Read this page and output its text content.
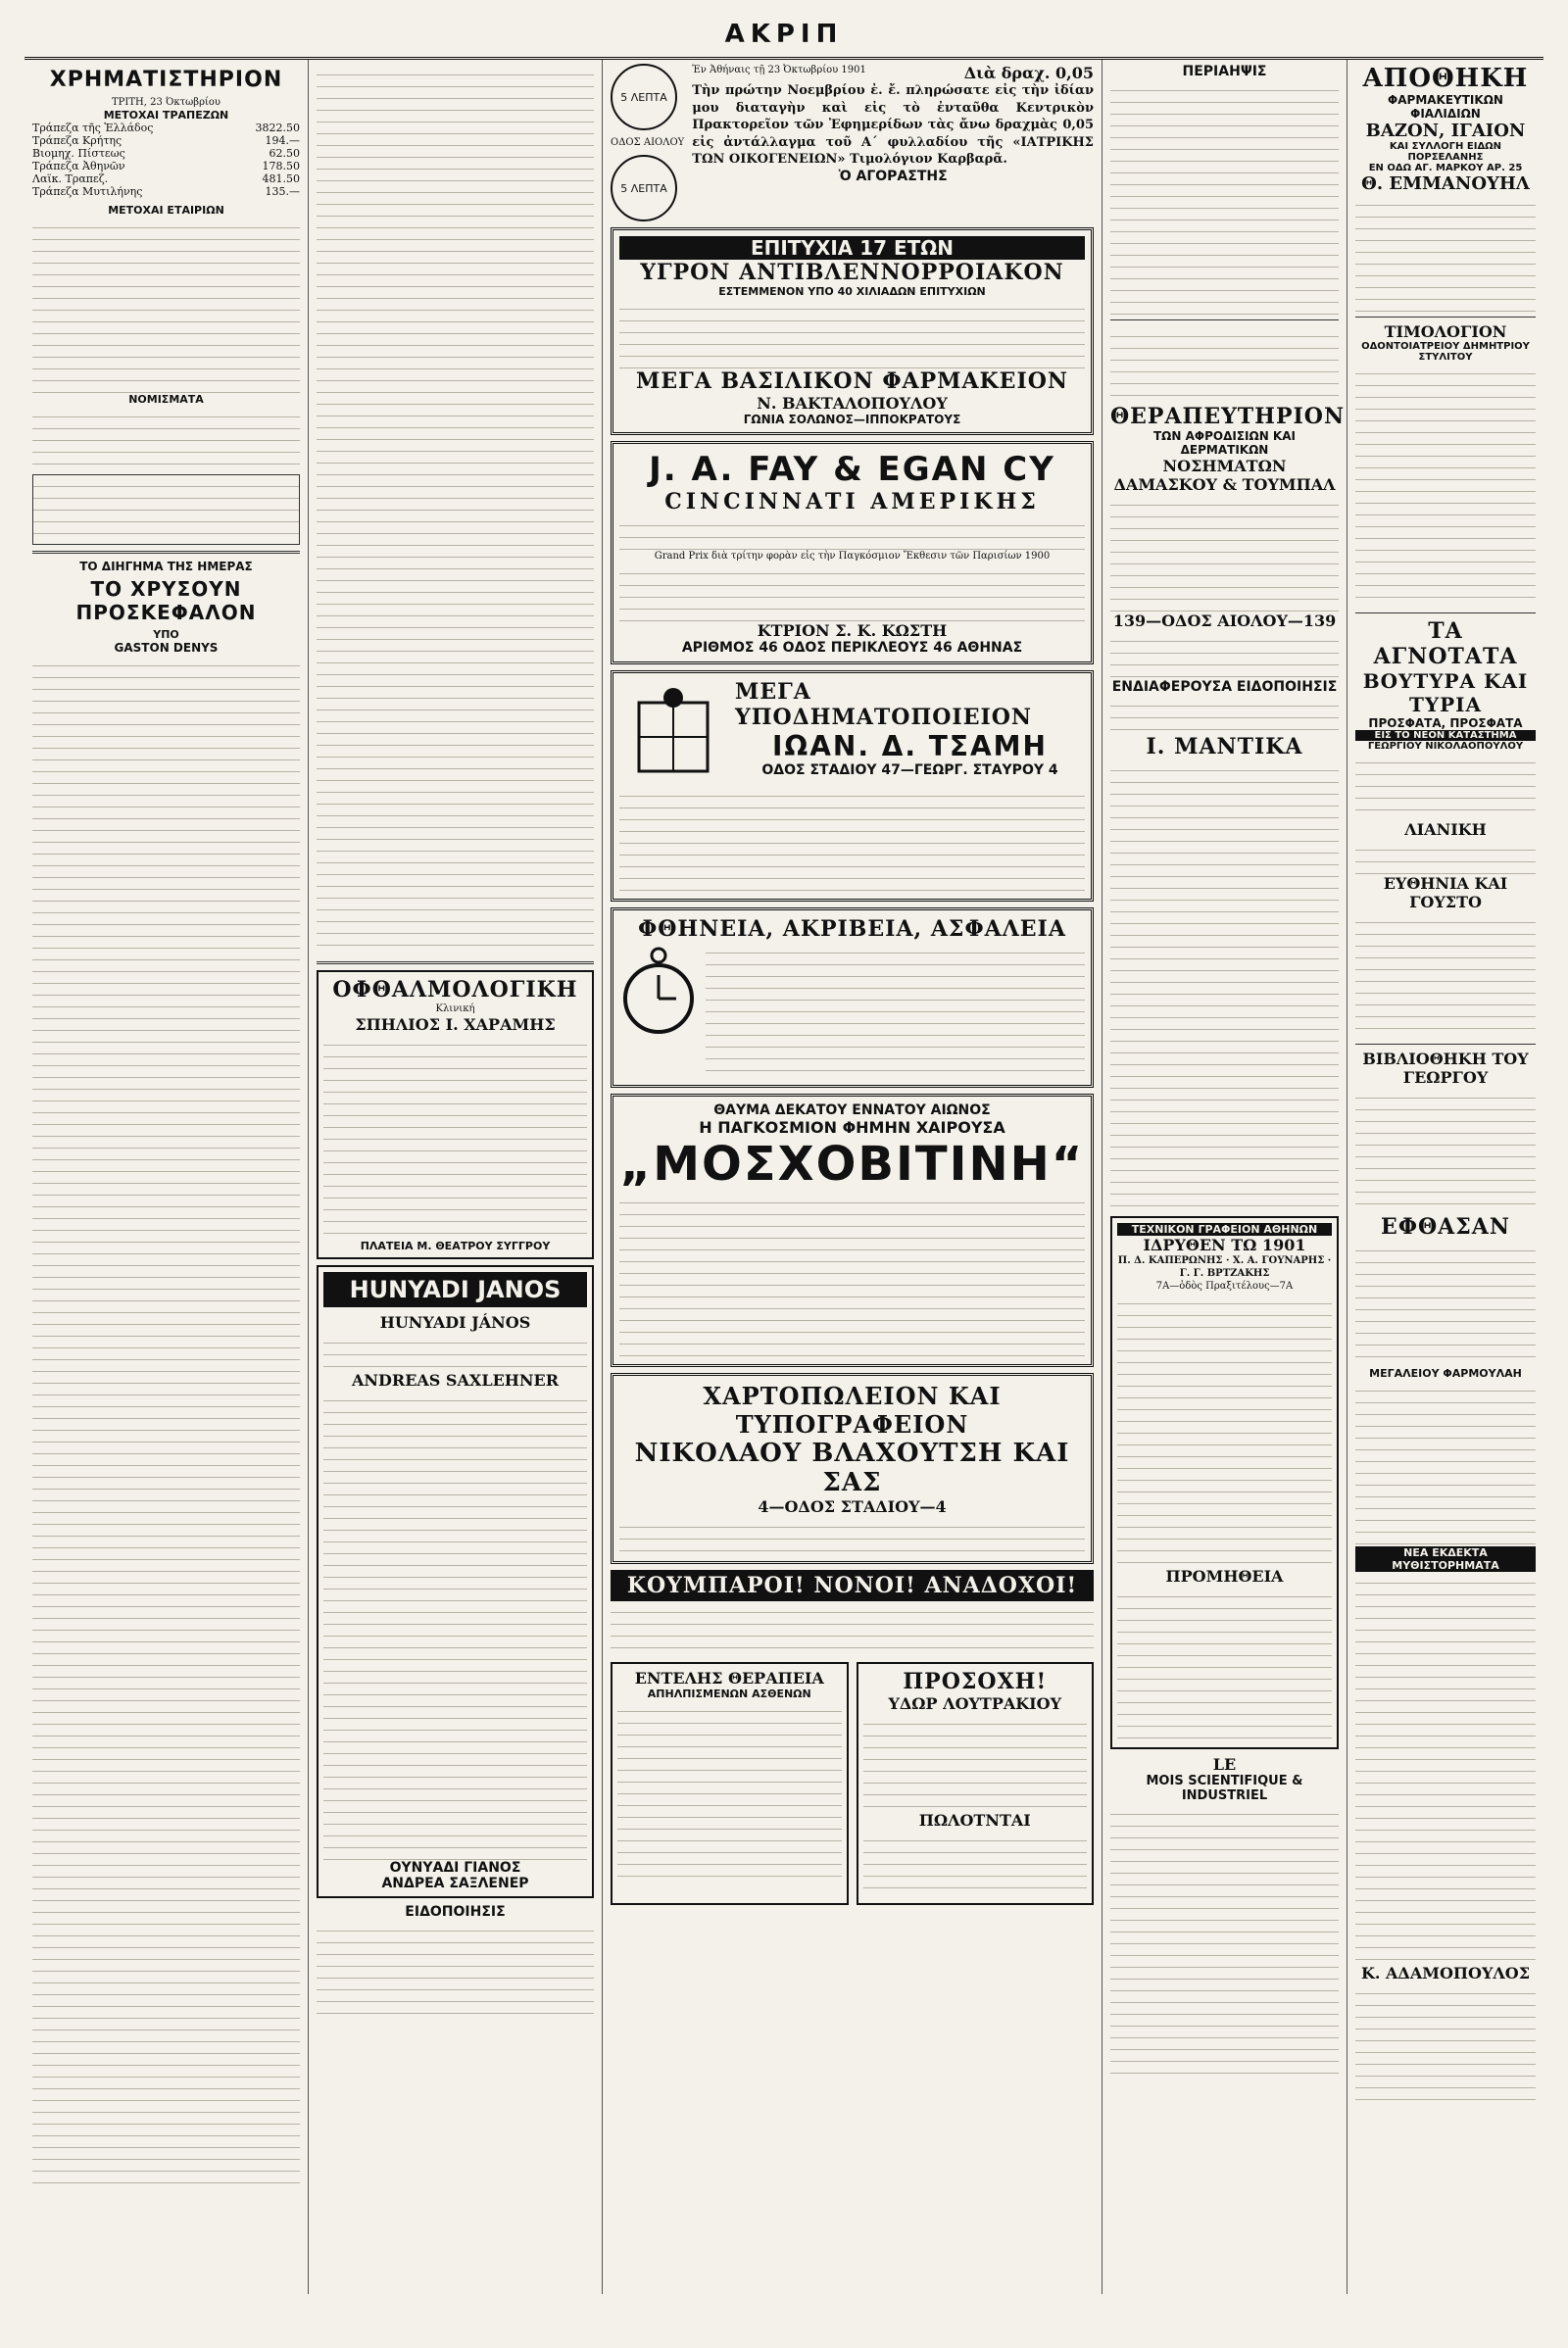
ΑΚΡΙΠ
ΧΡΗΜΑΤΙΣΤΗΡΙΟΝ
ΤΡΙΤΗ, 23 Όκτωβρίου
ΜΕΤΟΧΑΙ ΤΡΑΠΕΖΩΝ
Τράπεζα τῆς Ἑλλάδος	3822.50
Τράπεζα Κρήτης	194.—
Βιομηχ. Πίστεως	62.50
Τράπεζα Ἀθηνῶν	178.50
Λαϊκ. Τραπεζ.	481.50
Τράπεζα Μυτιλήνης	135.—
ΜΕΤΟΧΑΙ ΕΤΑΙΡΙΩΝ
ΝΟΜΙΣΜΑΤΑ
ΤΟ ΔΙΗΓΗΜΑ ΤΗΣ ΗΜΕΡΑΣ
ΤΟ ΧΡΥΣΟΥΝ ΠΡΟΣΚΕΦΑΛΟΝ
ΥΠΟ
GASTON DENYS
ΟΦΘΑΛΜΟΛΟΓΙΚΗ
Κλινική
ΣΠΗΛΙΟΣ Ι. ΧΑΡΑΜΗΣ
ΠΛΑΤΕΙΑ Μ. ΘΕΑΤΡΟΥ ΣΥΓΓΡΟΥ
HUNYADI JANOS
HUNYADI JÁNOS
ANDREAS SAXLEHNER
ΟΥΝΥΑΔΙ ΓΙΑΝΟΣ
ΑΝΔΡΕΑ ΣΑΞΛΕΝΕΡ
ΕΙΔΟΠΟΙΗΣΙΣ
5 ΛΕΠΤΑ
ΟΔΟΣ ΑΙΟΛΟΥ
5 ΛΕΠΤΑ
Ἐν Ἀθήναις τῇ 23 Ὀκτωβρίου 1901	Διὰ δραχ. 0,05
Τὴν πρώτην Νοεμβρίου ἐ. ἔ. πληρώσατε εἰς τὴν ἰδίαν μου διαταγὴν καὶ εἰς τὸ ἐνταῦθα Κεντρικὸν Πρακτορεῖον τῶν Ἐφημερίδων τὰς ἄνω δραχμὰς 0,05 εἰς ἀντάλλαγμα τοῦ Α΄ φυλλαδίου τῆς «ΙΑΤΡΙΚΗΣ ΤΩΝ ΟΙΚΟΓΕΝΕΙΩΝ» Τιμολόγιον Καρβαρᾶ.
Ὁ ΑΓΟΡΑΣΤΗΣ
ΕΠΙΤΥΧΙΑ 17 ΕΤΩΝ
ΥΓΡΟΝ ΑΝΤΙΒΛΕΝΝΟΡΡΟΙΑΚΟΝ
ΕΣΤΕΜΜΕΝΟΝ ΥΠΟ 40 ΧΙΛΙΑΔΩΝ ΕΠΙΤΥΧΙΩΝ
ΜΕΓΑ ΒΑΣΙΛΙΚΟΝ ΦΑΡΜΑΚΕΙΟΝ
Ν. ΒΑΚΤΑΛΟΠΟΥΛΟΥ
ΓΩΝΙΑ ΣΟΛΩΝΟΣ—ΙΠΠΟΚΡΑΤΟΥΣ
J. A. FAY & EGAN CY
CINCINNATI ΑΜΕΡΙΚΗΣ
Grand Prix διὰ τρίτην φορὰν εἰς τὴν Παγκόσμιον Ἔκθεσιν τῶν Παρισίων 1900
ΚΤΡΙΟΝ Σ. Κ. ΚΩΣΤΗ
ΑΡΙΘΜΟΣ 46 ΟΔΟΣ ΠΕΡΙΚΛΕΟΥΣ 46 ΑΘΗΝΑΣ
ΜΕΓΑ ΥΠΟΔΗΜΑΤΟΠΟΙΕΙΟΝ
ΙΩΑΝ. Δ. ΤΣΑΜΗ
ΟΔΟΣ ΣΤΑΔΙΟΥ 47—ΓΕΩΡΓ. ΣΤΑΥΡΟΥ 4
ΦΘΗΝΕΙΑ, ΑΚΡΙΒΕΙΑ, ΑΣΦΑΛΕΙΑ
ΘΑΥΜΑ ΔΕΚΑΤΟΥ ΕΝΝΑΤΟΥ ΑΙΩΝΟΣ
Η ΠΑΓΚΟΣΜΙΟΝ ΦΗΜΗΝ ΧΑΙΡΟΥΣΑ
„ΜΟΣΧΟΒΙΤΙΝΗ“
ΧΑΡΤΟΠΩΛΕΙΟΝ ΚΑΙ ΤΥΠΟΓΡΑΦΕΙΟΝ
ΝΙΚΟΛΑΟΥ ΒΛΑΧΟΥΤΣΗ ΚΑΙ ΣΑΣ
4—ΟΔΟΣ ΣΤΑΔΙΟΥ—4
ΚΟΥΜΠΑΡΟΙ! ΝΟΝΟΙ! ΑΝΑΔΟΧΟΙ!
ΕΝΤΕΛΗΣ ΘΕΡΑΠΕΙΑ
ΑΠΗΛΠΙΣΜΕΝΩΝ ΑΣΘΕΝΩΝ	ΠΡΟΣΟΧΗ!
ΥΔΩΡ ΛΟΥΤΡΑΚΙΟΥ
ΠΩΛΟΤΝΤΑΙ
ΠΕΡΙΑΗΨΙΣ
ΘΕΡΑΠΕΥΤΗΡΙΟΝ
ΤΩΝ ΑΦΡΟΔΙΣΙΩΝ ΚΑΙ ΔΕΡΜΑΤΙΚΩΝ
ΝΟΣΗΜΑΤΩΝ
ΔΑΜΑΣΚΟΥ & ΤΟΥΜΠΑΛ
139—ΟΔΟΣ ΑΙΟΛΟΥ—139
ΕΝΔΙΑΦΕΡΟΥΣΑ ΕΙΔΟΠΟΙΗΣΙΣ
Ι. ΜΑΝΤΙΚΑ
ΤΕΧΝΙΚΟΝ ΓΡΑΦΕΙΟΝ ΑΘΗΝΩΝ
ΙΔΡΥΘΕΝ ΤΩ 1901
Π. Δ. ΚΑΠΕΡΩΝΗΣ · Χ. Α. ΓΟΥΝΑΡΗΣ · Γ. Γ. ΒΡΤΖΑΚΗΣ
7Α—ὁδὸς Πραξιτέλους—7Α
ΠΡΟΜΗΘΕΙΑ
LE
MOIS SCIENTIFIQUE & INDUSTRIEL
ΑΠΟΘΗΚΗ
ΦΑΡΜΑΚΕΥΤΙΚΩΝ ΦΙΑΛΙΔΙΩΝ
ΒΑΖΟΝ, ΙΓΑΙΟΝ
ΚΑΙ ΣΥΛΛΟΓΗ ΕΙΔΩΝ ΠΟΡΣΕΛΑΝΗΣ
ΕΝ ΟΔΩ ΑΓ. ΜΑΡΚΟΥ ΑΡ. 25
Θ. ΕΜΜΑΝΟΥΗΛ
ΤΙΜΟΛΟΓΙΟΝ
ΟΔΟΝΤΟΙΑΤΡΕΙΟΥ ΔΗΜΗΤΡΙΟΥ ΣΤΥΛΙΤΟΥ
ΤΑ ΑΓΝΟΤΑΤΑ
ΒΟΥΤΥΡΑ ΚΑΙ ΤΥΡΙΑ
ΠΡΟΣΦΑΤΑ, ΠΡΟΣΦΑΤΑ
ΕΙΣ ΤΟ ΝΕΟΝ ΚΑΤΑΣΤΗΜΑ
ΓΕΩΡΓΙΟΥ ΝΙΚΟΛΑΟΠΟΥΛΟΥ
ΛΙΑΝΙΚΗ
ΕΥΘΗΝΙΑ ΚΑΙ ΓΟΥΣΤΟ
ΒΙΒΛΙΟΘΗΚΗ ΤΟΥ ΓΕΩΡΓΟΥ
ΕΦΘΑΣΑΝ
ΜΕΓΑΛΕΙΟΥ ΦΑΡΜΟΥΛΑΗ
ΝΕΑ ΕΚΔΕΚΤΑ ΜΥΘΙΣΤΟΡΗΜΑΤΑ
Κ. ΑΔΑΜΟΠΟΥΛΟΣ
